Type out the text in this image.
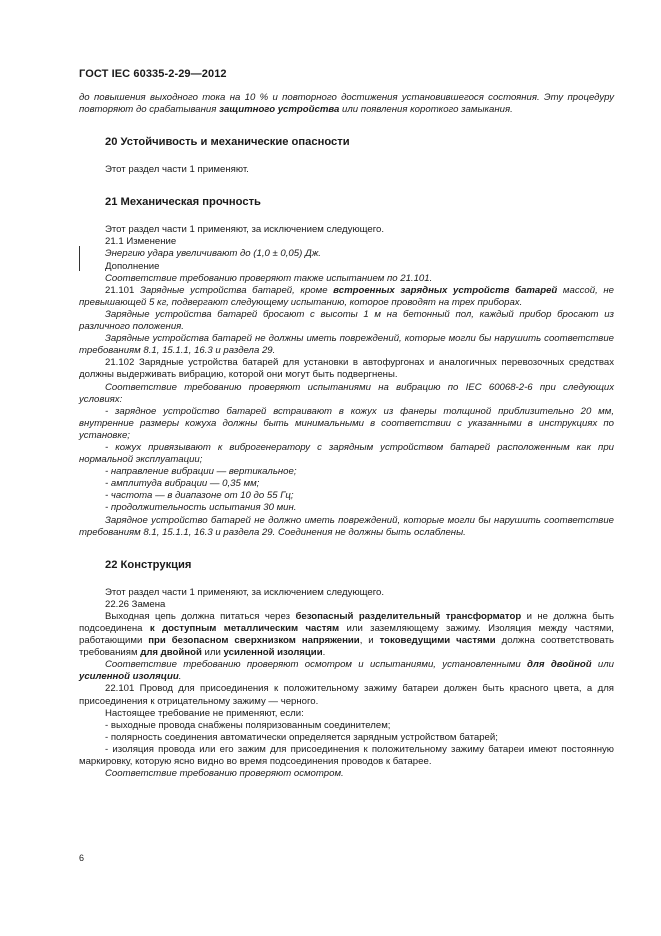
ГОСТ IEC 60335-2-29—2012

до повышения выходного тока на 10 % и повторного достижения установившегося состояния. Эту процедуру повторяют до срабатывания защитного устройства или появления короткого замыкания.

20 Устойчивость и механические опасности

Этот раздел части 1 применяют.

21 Механическая прочность

Этот раздел части 1 применяют, за исключением следующего.

21.1 Изменение

Энергию удара увеличивают до (1,0 ± 0,05) Дж.

Дополнение

Соответствие требованию проверяют также испытанием по 21.101.

21.101 Зарядные устройства батарей, кроме встроенных зарядных устройств батарей массой, не превышающей 5 кг, подвергают следующему испытанию, которое проводят на трех приборах.

Зарядные устройства батарей бросают с высоты 1 м на бетонный пол, каждый прибор бросают из различного положения.

Зарядные устройства батарей не должны иметь повреждений, которые могли бы нарушить соответствие требованиям 8.1, 15.1.1, 16.3 и раздела 29.

21.102 Зарядные устройства батарей для установки в автофургонах и аналогичных перевозочных средствах должны выдерживать вибрацию, которой они могут быть подвергнены.

Соответствие требованию проверяют испытаниями на вибрацию по IEC 60068-2-6 при следующих условиях:

- зарядное устройство батарей встраивают в кожух из фанеры толщиной приблизительно 20 мм, внутренние размеры кожуха должны быть минимальными в соответствии с указанными в инструкциях по установке;

- кожух привязывают к виброгенератору с зарядным устройством батарей расположенным как при нормальной эксплуатации;

- направление вибрации — вертикальное;

- амплитуда вибрации — 0,35 мм;

- частота — в диапазоне от 10 до 55 Гц;

- продолжительность испытания 30 мин.

Зарядное устройство батарей не должно иметь повреждений, которые могли бы нарушить соответствие требованиям 8.1, 15.1.1, 16.3 и раздела 29. Соединения не должны быть ослаблены.

22 Конструкция

Этот раздел части 1 применяют, за исключением следующего.

22.26 Замена

Выходная цепь должна питаться через безопасный разделительный трансформатор и не должна быть подсоединена к доступным металлическим частям или заземляющему зажиму. Изоляция между частями, работающими при безопасном сверхнизком напряжении, и токоведущими частями должна соответствовать требованиям для двойной или усиленной изоляции.

Соответствие требованию проверяют осмотром и испытаниями, установленными для двойной или усиленной изоляции.

22.101 Провод для присоединения к положительному зажиму батареи должен быть красного цвета, а для присоединения к отрицательному зажиму — черного.

Настоящее требование не применяют, если:

- выходные провода снабжены поляризованным соединителем;

- полярность соединения автоматически определяется зарядным устройством батарей;

- изоляция провода или его зажим для присоединения к положительному зажиму батареи имеют постоянную маркировку, которую ясно видно во время подсоединения проводов к батарее.

Соответствие требованию проверяют осмотром.

6
